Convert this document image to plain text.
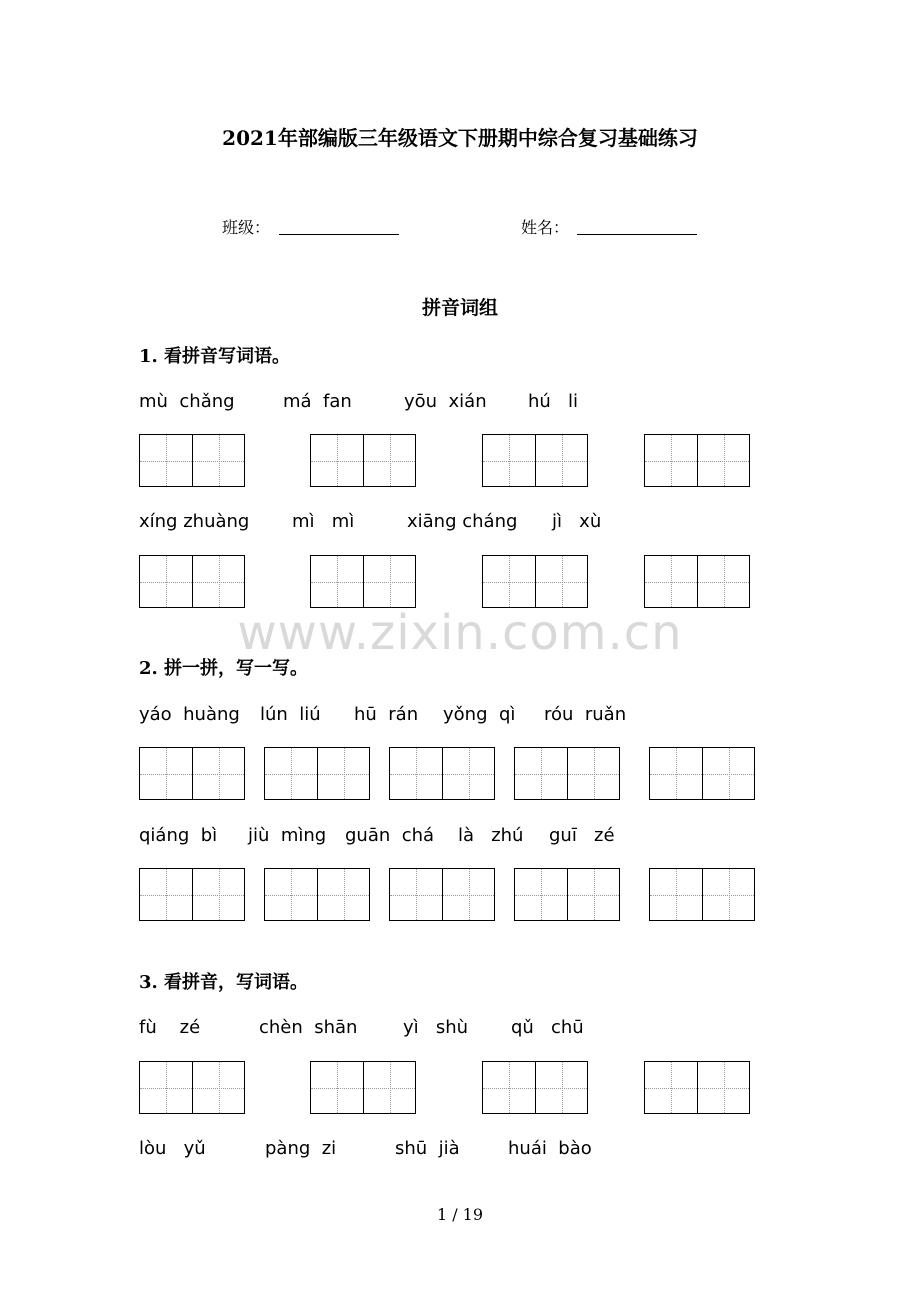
2021年部编版三年级语文下册期中综合复习基础练习
班级：	姓名：
拼音词组
1. 看拼音写词语。
mù  chǎng	má  fan	yōu  xián hú   li
xíng zhuàng mì   mì	xiāng cháng jì   xù
www.zixin.com.cn
2. 拼一拼，写一写。
yáo  huàng lún  liú hū  rán yǒng  qì róu  ruǎn
qiáng  bì jiù  mìng guān  chá là   zhú guī   zé
3. 看拼音，写词语。
fù    zé	chèn  shān	yì   shù qǔ   chū
lòu   yǔ	pàng  zi	shū  jià	huái  bào
1 / 19
